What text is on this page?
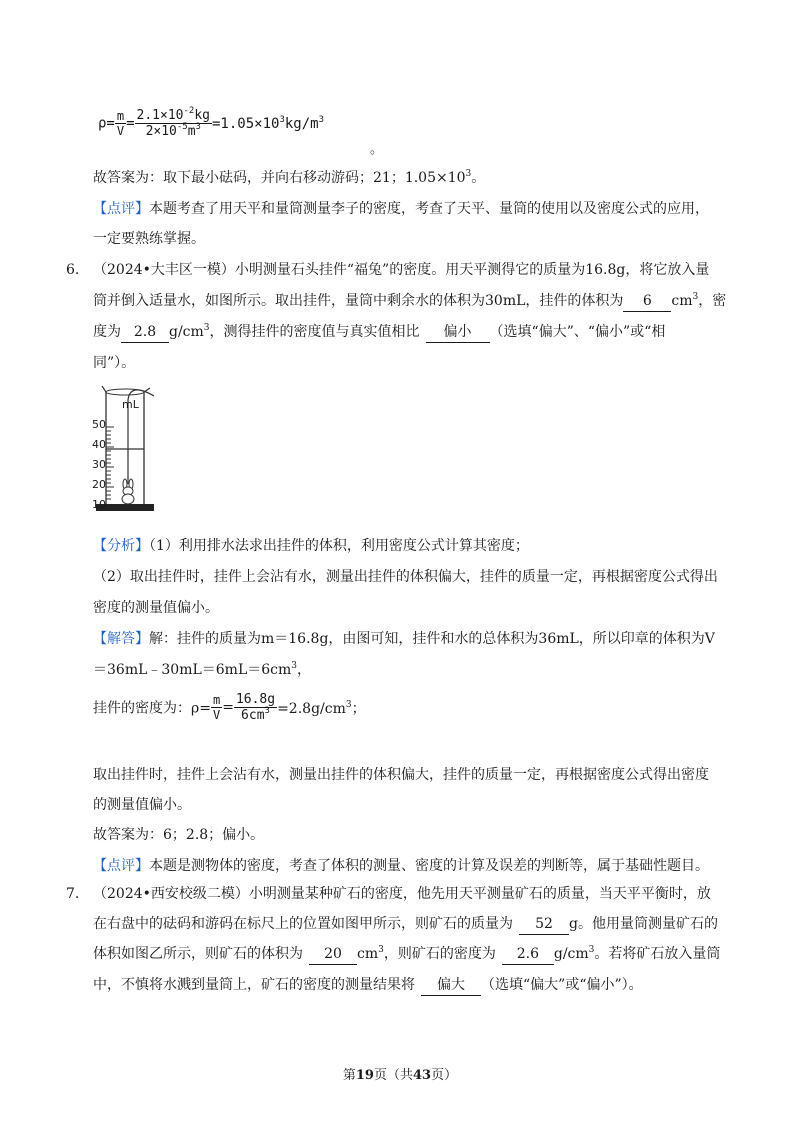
$\rho= \frac{m}{V} = \frac{2.1\times 10^{-2}kg}{2\times 10^{-5}m^3} =1.05\times 10^3kg/m^3$
。
故答案为：取下最小砝码，并向右移动游码；21；$1.05\times 10^3$。
【点评】本题考查了用天平和量筒测量李子的密度，考查了天平、量筒的使用以及密度公式的应用，
一定要熟练掌握。
6. （2024•大丰区一模）小明测量石头挂件“福兔”的密度。用天平测得它的质量为16.8g，将它放入量
筒并倒入适量水，如图所示。取出挂件，量筒中剩余水的体积为30mL，挂件的体积为 6 $cm^3$，密
度为 2.8 $g/cm^3$，测得挂件的密度值与真实值相比 偏小 （选填“偏大”、“偏小”或“相
同”）。
mL
50
40
30
20
10
【分析】（1）利用排水法求出挂件的体积，利用密度公式计算其密度；
（2）取出挂件时，挂件上会沾有水，测量出挂件的体积偏大，挂件的质量一定，再根据密度公式得出
密度的测量值偏小。
【解答】解：挂件的质量为m＝16.8g，由图可知，挂件和水的总体积为36mL，所以印章的体积为V
$=36mL﹣30mL=6mL=6cm^3$，
挂件的密度为：$\rho= \frac{m}{V} = \frac{16.8g}{6cm^3} =2.8g/cm^3$；
取出挂件时，挂件上会沾有水，测量出挂件的体积偏大，挂件的质量一定，再根据密度公式得出密度
的测量值偏小。
故答案为：6；2.8；偏小。
【点评】本题是测物体的密度，考查了体积的测量、密度的计算及误差的判断等，属于基础性题目。
7. （2024•西安校级二模）小明测量某种矿石的密度，他先用天平测量矿石的质量，当天平平衡时，放
在右盘中的砝码和游码在标尺上的位置如图甲所示，则矿石的质量为 52 g。他用量筒测量矿石的
体积如图乙所示，则矿石的体积为 20 $cm^3$，则矿石的密度为 2.6 $g/cm^3$。若将矿石放入量筒
中，不慎将水溅到量筒上，矿石的密度的测量结果将 偏大 （选填“偏大”或“偏小”）。
第19页（共43页）
